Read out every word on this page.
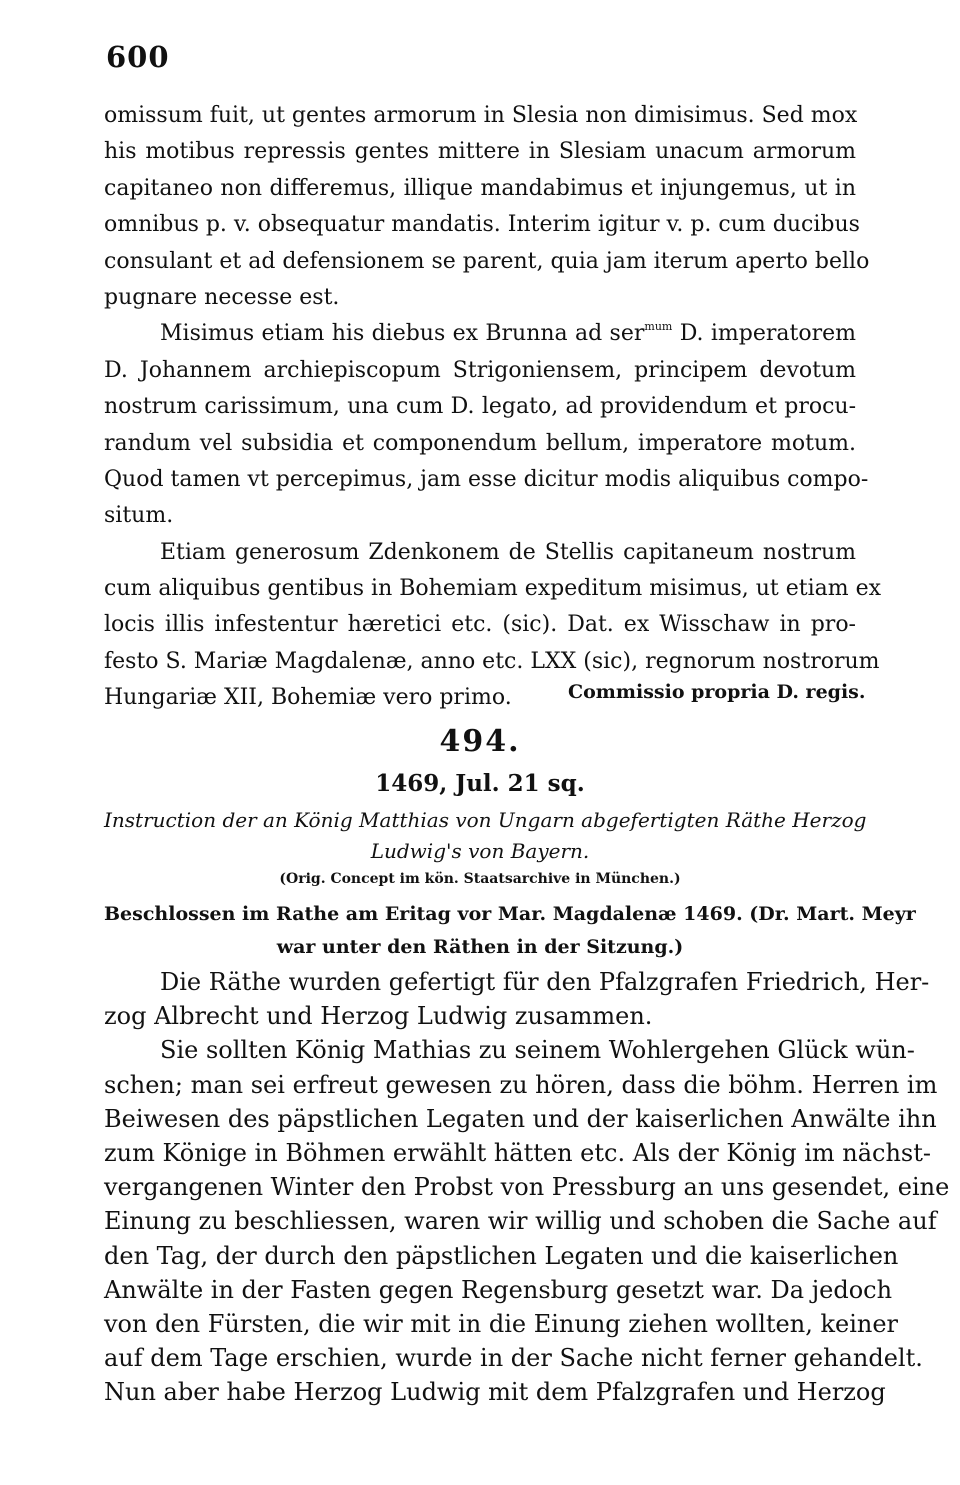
600
omissum fuit, ut gentes armorum in Slesia non dimisimus. Sed mox
his motibus repressis gentes mittere in Slesiam unacum armorum
capitaneo non differemus, illique mandabimus et injungemus, ut in
omnibus p. v. obsequatur mandatis. Interim igitur v. p. cum ducibus
consulant et ad defensionem se parent, quia jam iterum aperto bello
pugnare necesse est.
Misimus etiam his diebus ex Brunna ad ser$^{mum}$ D. imperatorem
D. Johannem archiepiscopum Strigoniensem, principem devotum
nostrum carissimum, una cum D. legato, ad providendum et procu-
randum vel subsidia et componendum bellum, imperatore motum.
Quod tamen vt percepimus, jam esse dicitur modis aliquibus compo-
situm.
Etiam generosum Zdenkonem de Stellis capitaneum nostrum
cum aliquibus gentibus in Bohemiam expeditum misimus, ut etiam ex
locis illis infestentur hæretici etc. (sic). Dat. ex Wisschaw in pro-
festo S. Mariæ Magdalenæ, anno etc. LXX (sic), regnorum nostrorum
Hungariæ XII, Bohemiæ vero primo.	Commissio propria D. regis.
494.
1469, Jul. 21 sq.
Instruction der an König Matthias von Ungarn abgefertigten Räthe Herzog
Ludwig's von Bayern.
(Orig. Concept im kön. Staatsarchive in München.)
Beschlossen im Rathe am Eritag vor Mar. Magdalenæ 1469. (Dr. Mart. Meyr
war unter den Räthen in der Sitzung.)
Die Räthe wurden gefertigt für den Pfalzgrafen Friedrich, Her-
zog Albrecht und Herzog Ludwig zusammen.
Sie sollten König Mathias zu seinem Wohlergehen Glück wün-
schen; man sei erfreut gewesen zu hören, dass die böhm. Herren im
Beiwesen des päpstlichen Legaten und der kaiserlichen Anwälte ihn
zum Könige in Böhmen erwählt hätten etc. Als der König im nächst-
vergangenen Winter den Probst von Pressburg an uns gesendet, eine
Einung zu beschliessen, waren wir willig und schoben die Sache auf
den Tag, der durch den päpstlichen Legaten und die kaiserlichen
Anwälte in der Fasten gegen Regensburg gesetzt war. Da jedoch
von den Fürsten, die wir mit in die Einung ziehen wollten, keiner
auf dem Tage erschien, wurde in der Sache nicht ferner gehandelt.
Nun aber habe Herzog Ludwig mit dem Pfalzgrafen und Herzog
